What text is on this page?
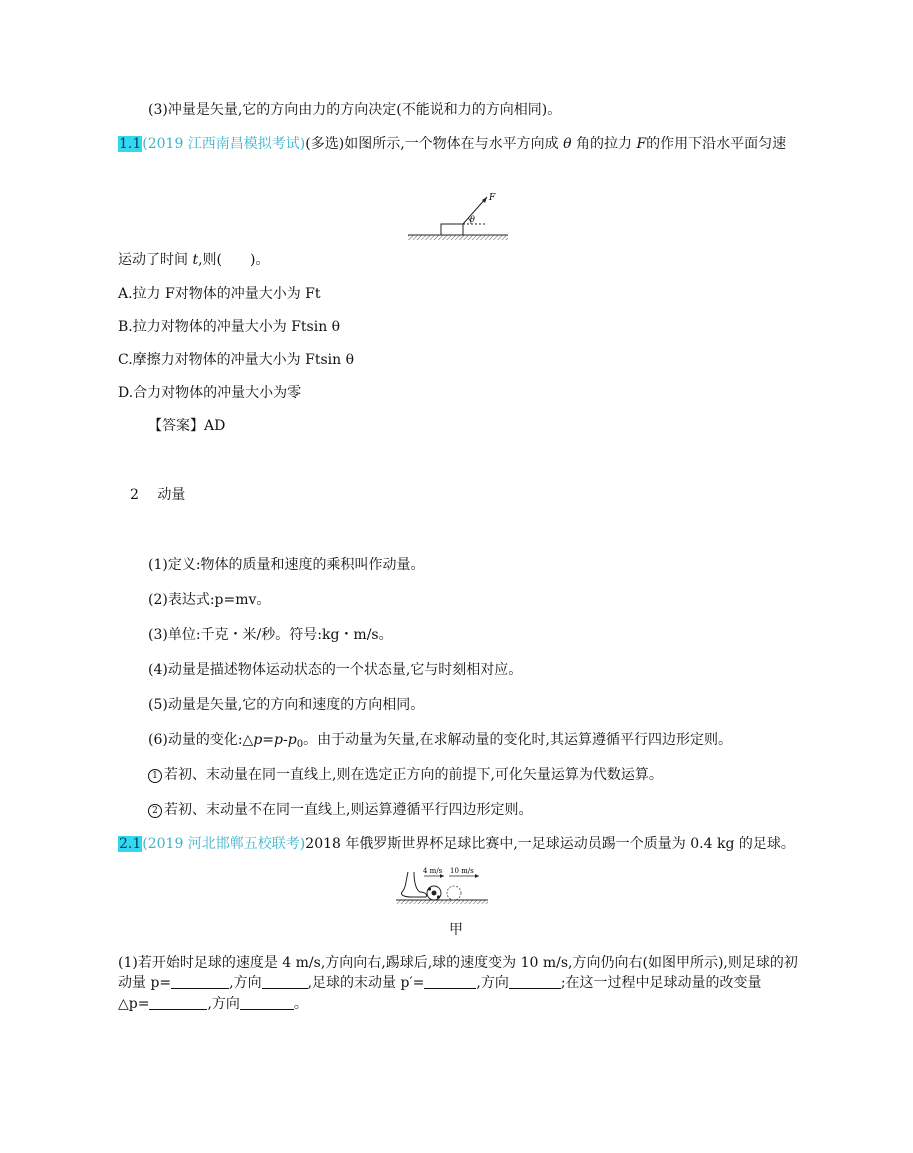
(3)冲量是矢量,它的方向由力的方向决定(不能说和力的方向相同)。
1.1(2019 江西南昌模拟考试)(多选)如图所示,一个物体在与水平方向成 θ 角的拉力 F的作用下沿水平面匀速
F
θ
运动了时间 t,则(　　)。
A.拉力 F对物体的冲量大小为 Ft
B.拉力对物体的冲量大小为 Ftsin θ
C.摩擦力对物体的冲量大小为 Ftsin θ
D.合力对物体的冲量大小为零
【答案】AD
2 动量
(1)定义:物体的质量和速度的乘积叫作动量。
(2)表达式:p=mv。
(3)单位:千克・米/秒。符号:kg・m/s。
(4)动量是描述物体运动状态的一个状态量,它与时刻相对应。
(5)动量是矢量,它的方向和速度的方向相同。
(6)动量的变化$:\triangle p=p-p_0$。由于动量为矢量,在求解动量的变化时,其运算遵循平行四边形定则。
1 若初、末动量在同一直线上,则在选定正方向的前提下,可化矢量运算为代数运算。
2 若初、末动量不在同一直线上,则运算遵循平行四边形定则。
2.1(2019 河北邯郸五校联考)2018 年俄罗斯世界杯足球比赛中,一足球运动员踢一个质量为 0.4 kg 的足球。
4 m/s 10 m/s
甲
(1)若开始时足球的速度是 4 m/s,方向向右,踢球后,球的速度变为 10 m/s,方向仍向右(如图甲所示),则足球的初
动量 p=	,方向	,足球的末动量 p′=	,方向	;在这一过程中足球动量的改变量
△p=	,方向	。
